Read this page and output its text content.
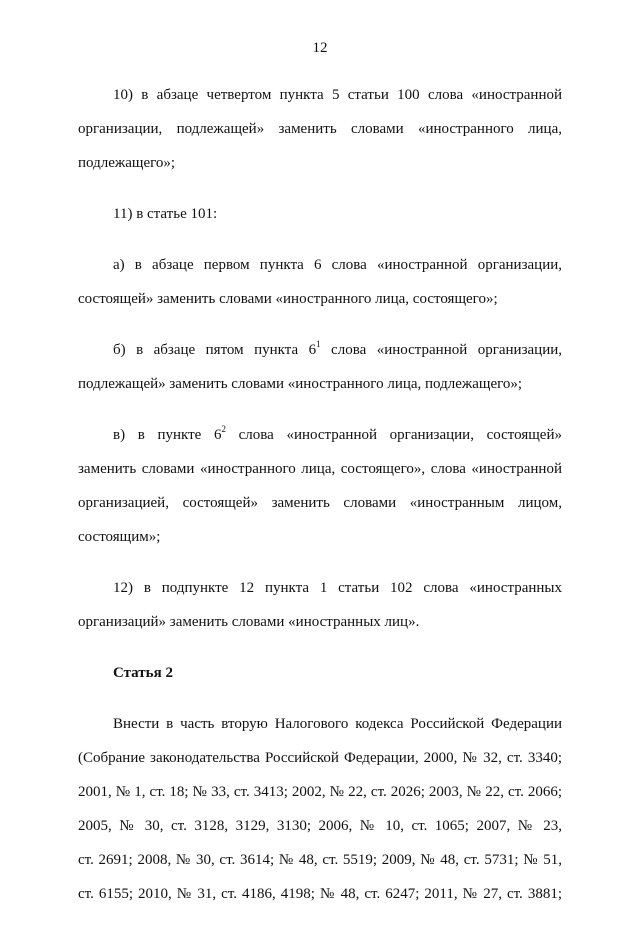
12

10) в абзаце четвертом пункта 5 статьи 100 слова «иностранной
организации, подлежащей» заменить словами «иностранного лица,
подлежащего»;

11) в статье 101:

а) в абзаце первом пункта 6 слова «иностранной организации,
состоящей» заменить словами «иностранного лица, состоящего»;

б) в абзаце пятом пункта $6^1$ слова «иностранной организации,
подлежащей» заменить словами «иностранного лица, подлежащего»;

в) в пункте $6^2$ слова «иностранной организации, состоящей»
заменить словами «иностранного лица, состоящего», слова «иностранной
организацией, состоящей» заменить словами «иностранным лицом,
состоящим»;

12) в подпункте 12 пункта 1 статьи 102 слова «иностранных
организаций» заменить словами «иностранных лиц».

Статья 2

Внести в часть вторую Налогового кодекса Российской Федерации
(Собрание законодательства Российской Федерации, 2000, № 32, ст. 3340;
2001, № 1, ст. 18; № 33, ст. 3413; 2002, № 22, ст. 2026; 2003, № 22, ст. 2066;
2005, № 30, ст. 3128, 3129, 3130; 2006, № 10, ст. 1065; 2007, № 23,
ст. 2691; 2008, № 30, ст. 3614; № 48, ст. 5519; 2009, № 48, ст. 5731; № 51,
ст. 6155; 2010, № 31, ст. 4186, 4198; № 48, ст. 6247; 2011, № 27, ст. 3881;
